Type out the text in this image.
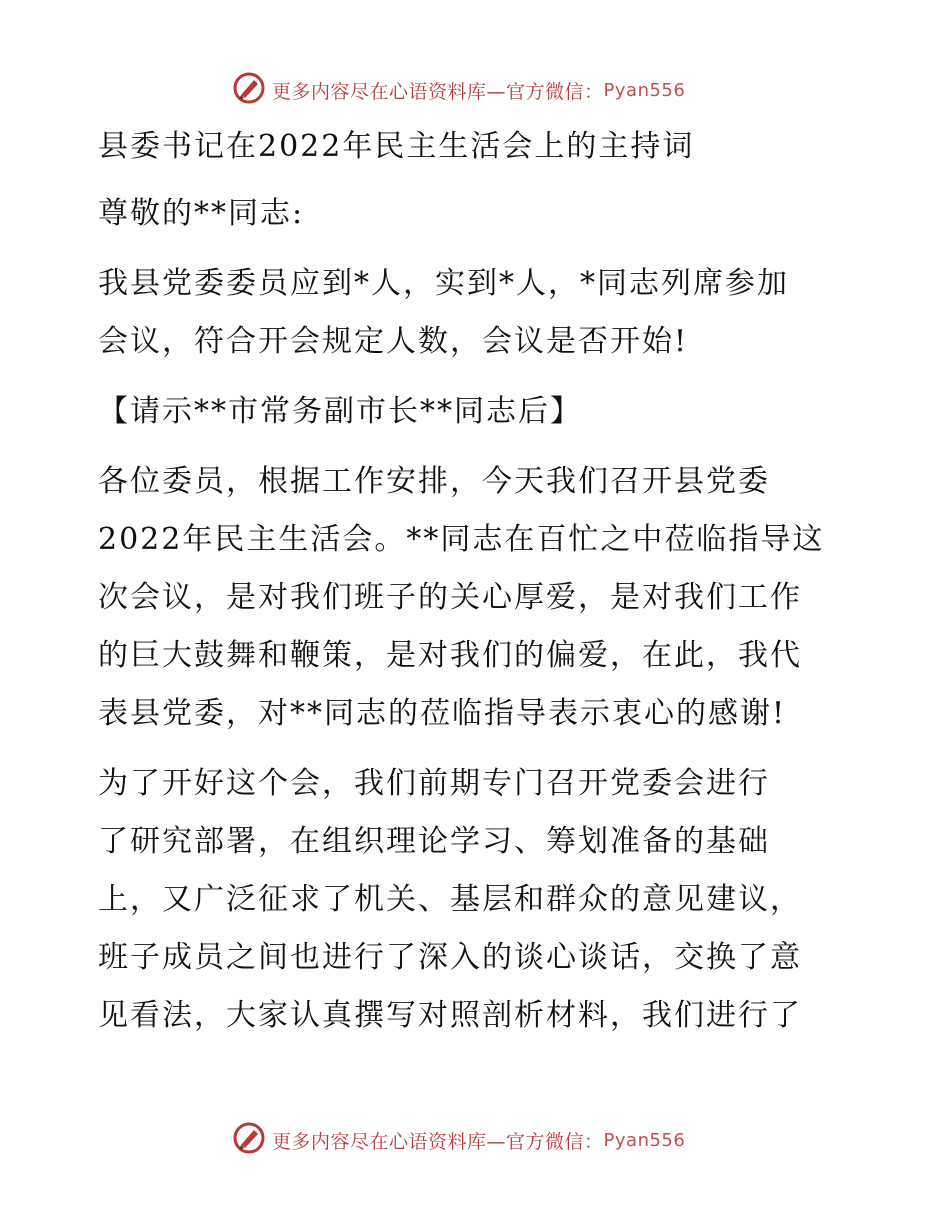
更多内容尽在心语资料库 —官方微信： Pyan556

县委书记在2022年民主生活会上的主持词

尊敬的**同志:

我县党委委员应到*人，实到*人，*同志列席参加
会议，符合开会规定人数，会议是否开始!

【请示**市常务副市长**同志后】

各位委员，根据工作安排，今天我们召开县党委
2022年民主生活会。**同志在百忙之中莅临指导这
次会议，是对我们班子的关心厚爱，是对我们工作
的巨大鼓舞和鞭策，是对我们的偏爱，在此，我代
表县党委，对**同志的莅临指导表示衷心的感谢!

为了开好这个会，我们前期专门召开党委会进行
了研究部署，在组织理论学习、筹划准备的基础
上，又广泛征求了机关、基层和群众的意见建议，
班子成员之间也进行了深入的谈心谈话，交换了意
见看法，大家认真撰写对照剖析材料，我们进行了

更多内容尽在心语资料库 —官方微信： Pyan556
